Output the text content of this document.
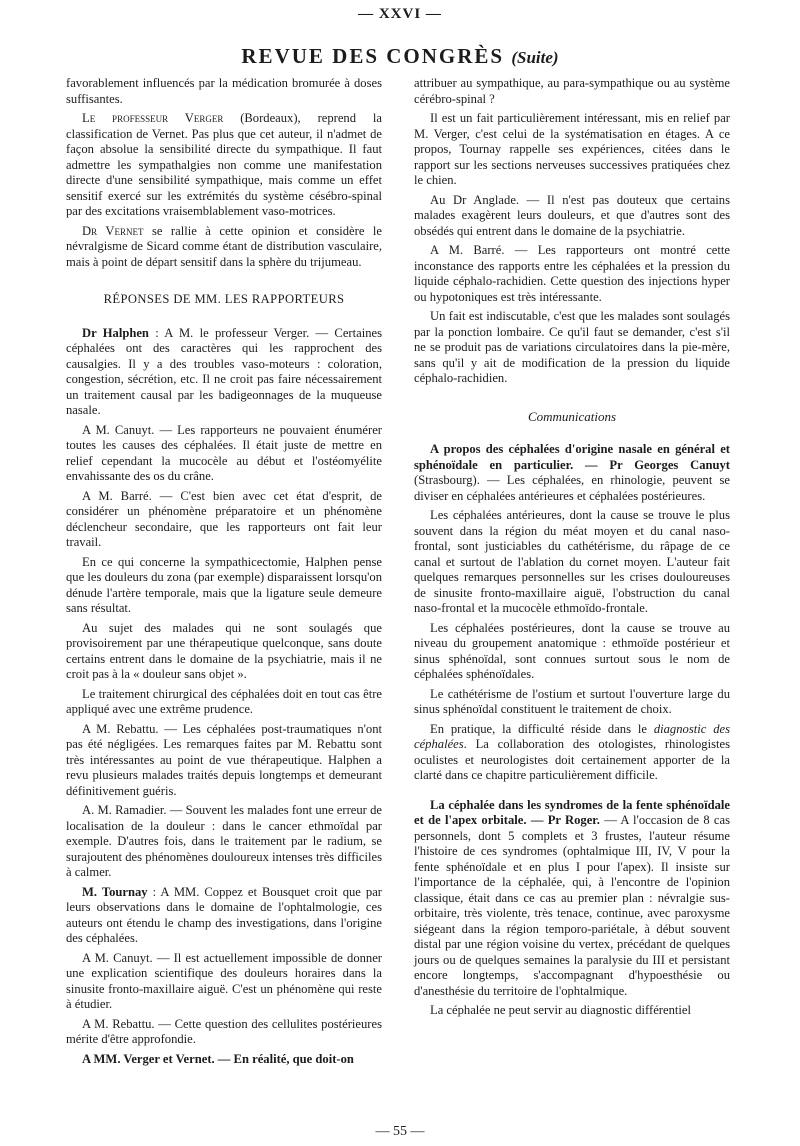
— XXVI —
REVUE DES CONGRÈS (Suite)

favorablement influencés par la médication bromurée à doses suffisantes.

Le professeur Verger (Bordeaux), reprend la classification de Vernet. Pas plus que cet auteur, il n'admet de façon absolue la sensibilité directe du sympathique. Il faut admettre les sympathalgies non comme une manifestation directe d'une sensibilité sympathique, mais comme un effet sensitif exercé sur les extrémités du système césébro-spinal par des excitations vraisemblablement vaso-motrices.

Dr Vernet se rallie à cette opinion et considère le névralgisme de Sicard comme étant de distribution vasculaire, mais à point de départ sensitif dans la sphère du trijumeau.

RÉPONSES DE MM. LES RAPPORTEURS

Dr Halphen : A M. le professeur Verger. — Certaines céphalées ont des caractères qui les rapprochent des causalgies. Il y a des troubles vaso-moteurs : coloration, congestion, sécrétion, etc. Il ne croit pas faire nécessairement un traitement causal par les badigeonnages de la muqueuse nasale.

A M. Canuyt. — Les rapporteurs ne pouvaient énumérer toutes les causes des céphalées. Il était juste de mettre en relief cependant la mucocèle au début et l'ostéomyélite envahissante des os du crâne.

A M. Barré. — C'est bien avec cet état d'esprit, de considérer un phénomène préparatoire et un phénomène déclencheur secondaire, que les rapporteurs ont fait leur travail.

En ce qui concerne la sympathicectomie, Halphen pense que les douleurs du zona (par exemple) disparaissent lorsqu'on dénude l'artère temporale, mais que la ligature seule demeure sans résultat.

Au sujet des malades qui ne sont soulagés que provisoirement par une thérapeutique quelconque, sans doute certains entrent dans le domaine de la psychiatrie, mais il ne croit pas à la « douleur sans objet ».

Le traitement chirurgical des céphalées doit en tout cas être appliqué avec une extrême prudence.

A M. Rebattu. — Les céphalées post-traumatiques n'ont pas été négligées. Les remarques faites par M. Rebattu sont très intéressantes au point de vue thérapeutique. Halphen a revu plusieurs malades traités depuis longtemps et demeurant définitivement guéris.

A. M. Ramadier. — Souvent les malades font une erreur de localisation de la douleur : dans le cancer ethmoïdal par exemple. D'autres fois, dans le traitement par le radium, se surajoutent des phénomènes douloureux intenses très difficiles à calmer.

M. Tournay : A MM. Coppez et Bousquet croit que par leurs observations dans le domaine de l'ophtalmologie, ces auteurs ont étendu le champ des investigations, dans l'origine des céphalées.

A M. Canuyt. — Il est actuellement impossible de donner une explication scientifique des douleurs horaires dans la sinusite fronto-maxillaire aiguë. C'est un phénomène qui reste à étudier.

A M. Rebattu. — Cette question des cellulites postérieures mérite d'être approfondie.

A MM. Verger et Vernet. — En réalité, que doit-on

attribuer au sympathique, au para-sympathique ou au système cérébro-spinal ?

Il est un fait particulièrement intéressant, mis en relief par M. Verger, c'est celui de la systématisation en étages. A ce propos, Tournay rappelle ses expériences, citées dans le rapport sur les sections nerveuses successives pratiquées chez le chien.

Au Dr Anglade. — Il n'est pas douteux que certains malades exagèrent leurs douleurs, et que d'autres sont des obsédés qui entrent dans le domaine de la psychiatrie.

A M. Barré. — Les rapporteurs ont montré cette inconstance des rapports entre les céphalées et la pression du liquide céphalo-rachidien. Cette question des injections hyper ou hypotoniques est très intéressante.

Un fait est indiscutable, c'est que les malades sont soulagés par la ponction lombaire. Ce qu'il faut se demander, c'est s'il ne se produit pas de variations circulatoires dans la pie-mère, sans qu'il y ait de modification de la pression du liquide céphalo-rachidien.

Communications

A propos des céphalées d'origine nasale en général et sphénoïdale en particulier. — Pr Georges Canuyt (Strasbourg). — Les céphalées, en rhinologie, peuvent se diviser en céphalées antérieures et céphalées postérieures.

Les céphalées antérieures, dont la cause se trouve le plus souvent dans la région du méat moyen et du canal naso-frontal, sont justiciables du cathétérisme, du râpage de ce canal et surtout de l'ablation du cornet moyen. L'auteur fait quelques remarques personnelles sur les crises douloureuses de sinusite fronto-maxillaire aiguë, l'obstruction du canal naso-frontal et la mucocèle ethmoïdo-frontale.

Les céphalées postérieures, dont la cause se trouve au niveau du groupement anatomique : ethmoïde postérieur et sinus sphénoïdal, sont connues surtout sous le nom de céphalées sphénoïdales.

Le cathétérisme de l'ostium et surtout l'ouverture large du sinus sphénoïdal constituent le traitement de choix.

En pratique, la difficulté réside dans le diagnostic des céphalées. La collaboration des otologistes, rhinologistes oculistes et neurologistes doit certainement apporter de la clarté dans ce chapitre particulièrement difficile.

La céphalée dans les syndromes de la fente sphénoïdale et de l'apex orbitale. — Pr Roger. — A l'occasion de 8 cas personnels, dont 5 complets et 3 frustes, l'auteur résume l'histoire de ces syndromes (ophtalmique III, IV, V pour la fente sphénoïdale et en plus I pour l'apex). Il insiste sur l'importance de la céphalée, qui, à l'encontre de l'opinion classique, était dans ce cas au premier plan : névralgie sus-orbitaire, très violente, très tenace, continue, avec paroxysme siégeant dans la région temporo-pariétale, à début souvent distal par une région voisine du vertex, précédant de quelques jours ou de quelques semaines la paralysie du III et persistant encore longtemps, s'accompagnant d'hypoesthésie ou d'anesthésie du territoire de l'ophtalmique.

La céphalée ne peut servir au diagnostic différentiel

— 55 —
